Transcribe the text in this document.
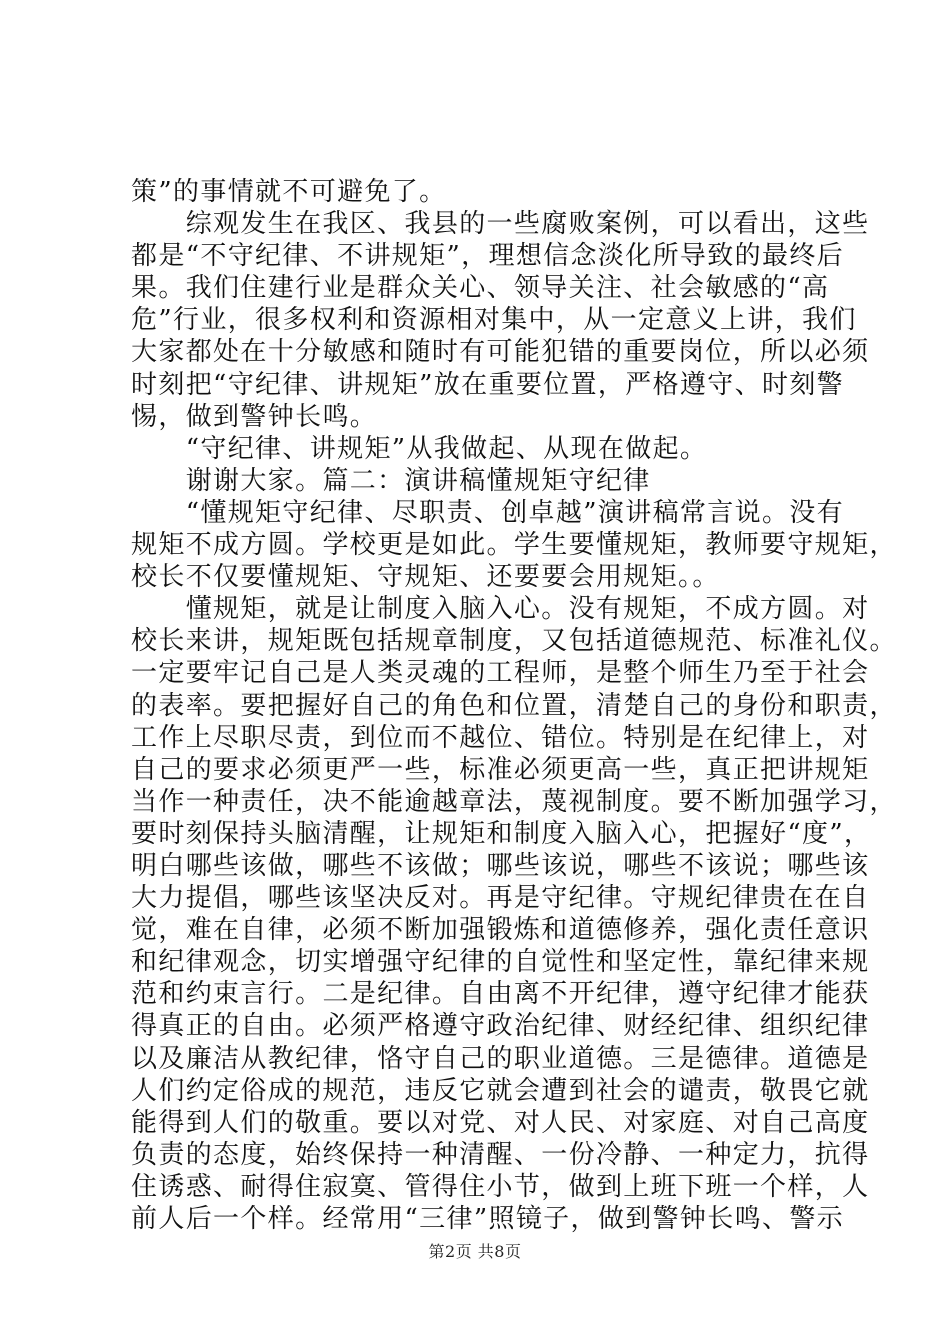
策”的事情就不可避免了。
　　综观发生在我区、我县的一些腐败案例，可以看出，这些
都是“不守纪律、不讲规矩”，理想信念淡化所导致的最终后
果。我们住建行业是群众关心、领导关注、社会敏感的“高
危”行业，很多权利和资源相对集中，从一定意义上讲，我们
大家都处在十分敏感和随时有可能犯错的重要岗位，所以必须
时刻把“守纪律、讲规矩”放在重要位置，严格遵守、时刻警
惕，做到警钟长鸣。
　　“守纪律、讲规矩”从我做起、从现在做起。
　　谢谢大家。篇二：演讲稿懂规矩守纪律
　　“懂规矩守纪律、尽职责、创卓越”演讲稿常言说。没有
规矩不成方圆。学校更是如此。学生要懂规矩，教师要守规矩，
校长不仅要懂规矩、守规矩、还要要会用规矩。。
　　懂规矩，就是让制度入脑入心。没有规矩，不成方圆。对
校长来讲，规矩既包括规章制度，又包括道德规范、标准礼仪。
一定要牢记自己是人类灵魂的工程师，是整个师生乃至于社会
的表率。要把握好自己的角色和位置，清楚自己的身份和职责，
工作上尽职尽责，到位而不越位、错位。特别是在纪律上，对
自己的要求必须更严一些，标准必须更高一些，真正把讲规矩
当作一种责任，决不能逾越章法，蔑视制度。要不断加强学习，
要时刻保持头脑清醒，让规矩和制度入脑入心，把握好“度”，
明白哪些该做，哪些不该做；哪些该说，哪些不该说；哪些该
大力提倡，哪些该坚决反对。再是守纪律。守规纪律贵在在自
觉，难在自律，必须不断加强锻炼和道德修养，强化责任意识
和纪律观念，切实增强守纪律的自觉性和坚定性，靠纪律来规
范和约束言行。二是纪律。自由离不开纪律，遵守纪律才能获
得真正的自由。必须严格遵守政治纪律、财经纪律、组织纪律
以及廉洁从教纪律，恪守自己的职业道德。三是德律。道德是
人们约定俗成的规范，违反它就会遭到社会的谴责，敬畏它就
能得到人们的敬重。要以对党、对人民、对家庭、对自己高度
负责的态度，始终保持一种清醒、一份冷静、一种定力，抗得
住诱惑、耐得住寂寞、管得住小节，做到上班下班一个样，人
前人后一个样。经常用“三律”照镜子，做到警钟长鸣、警示
第2页 共8页
